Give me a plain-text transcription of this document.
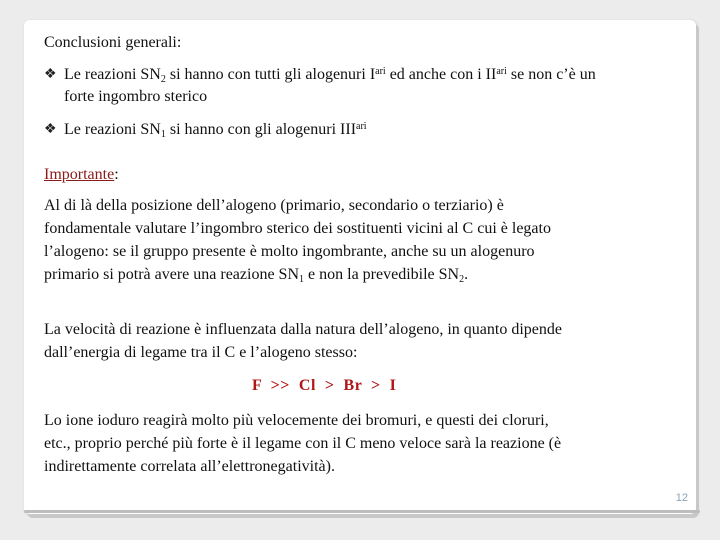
Conclusioni generali:
❖ Le reazioni $SN_2$ si hanno con tutti gli alogenuri $I^{ari}$ ed anche con i $II^{ari}$ se non c’è un
forte ingombro sterico
❖ Le reazioni $SN_1$ si hanno con gli alogenuri $III^{ari}$
Importante:
Al di là della posizione dell’alogeno (primario, secondario o terziario) è
fondamentale valutare l’ingombro sterico dei sostituenti vicini al C cui è legato
l’alogeno: se il gruppo presente è molto ingombrante, anche su un alogenuro
primario si potrà avere una reazione $SN_1$ e non la prevedibile $SN_2$.
La velocità di reazione è influenzata dalla natura dell’alogeno, in quanto dipende
dall’energia di legame tra il C e l’alogeno stesso:
F  >>  Cl  >  Br  >  I
Lo ione ioduro reagirà molto più velocemente dei bromuri, e questi dei cloruri,
etc., proprio perché più forte è il legame con il C meno veloce sarà la reazione (è
indirettamente correlata all’elettronegatività).
12
